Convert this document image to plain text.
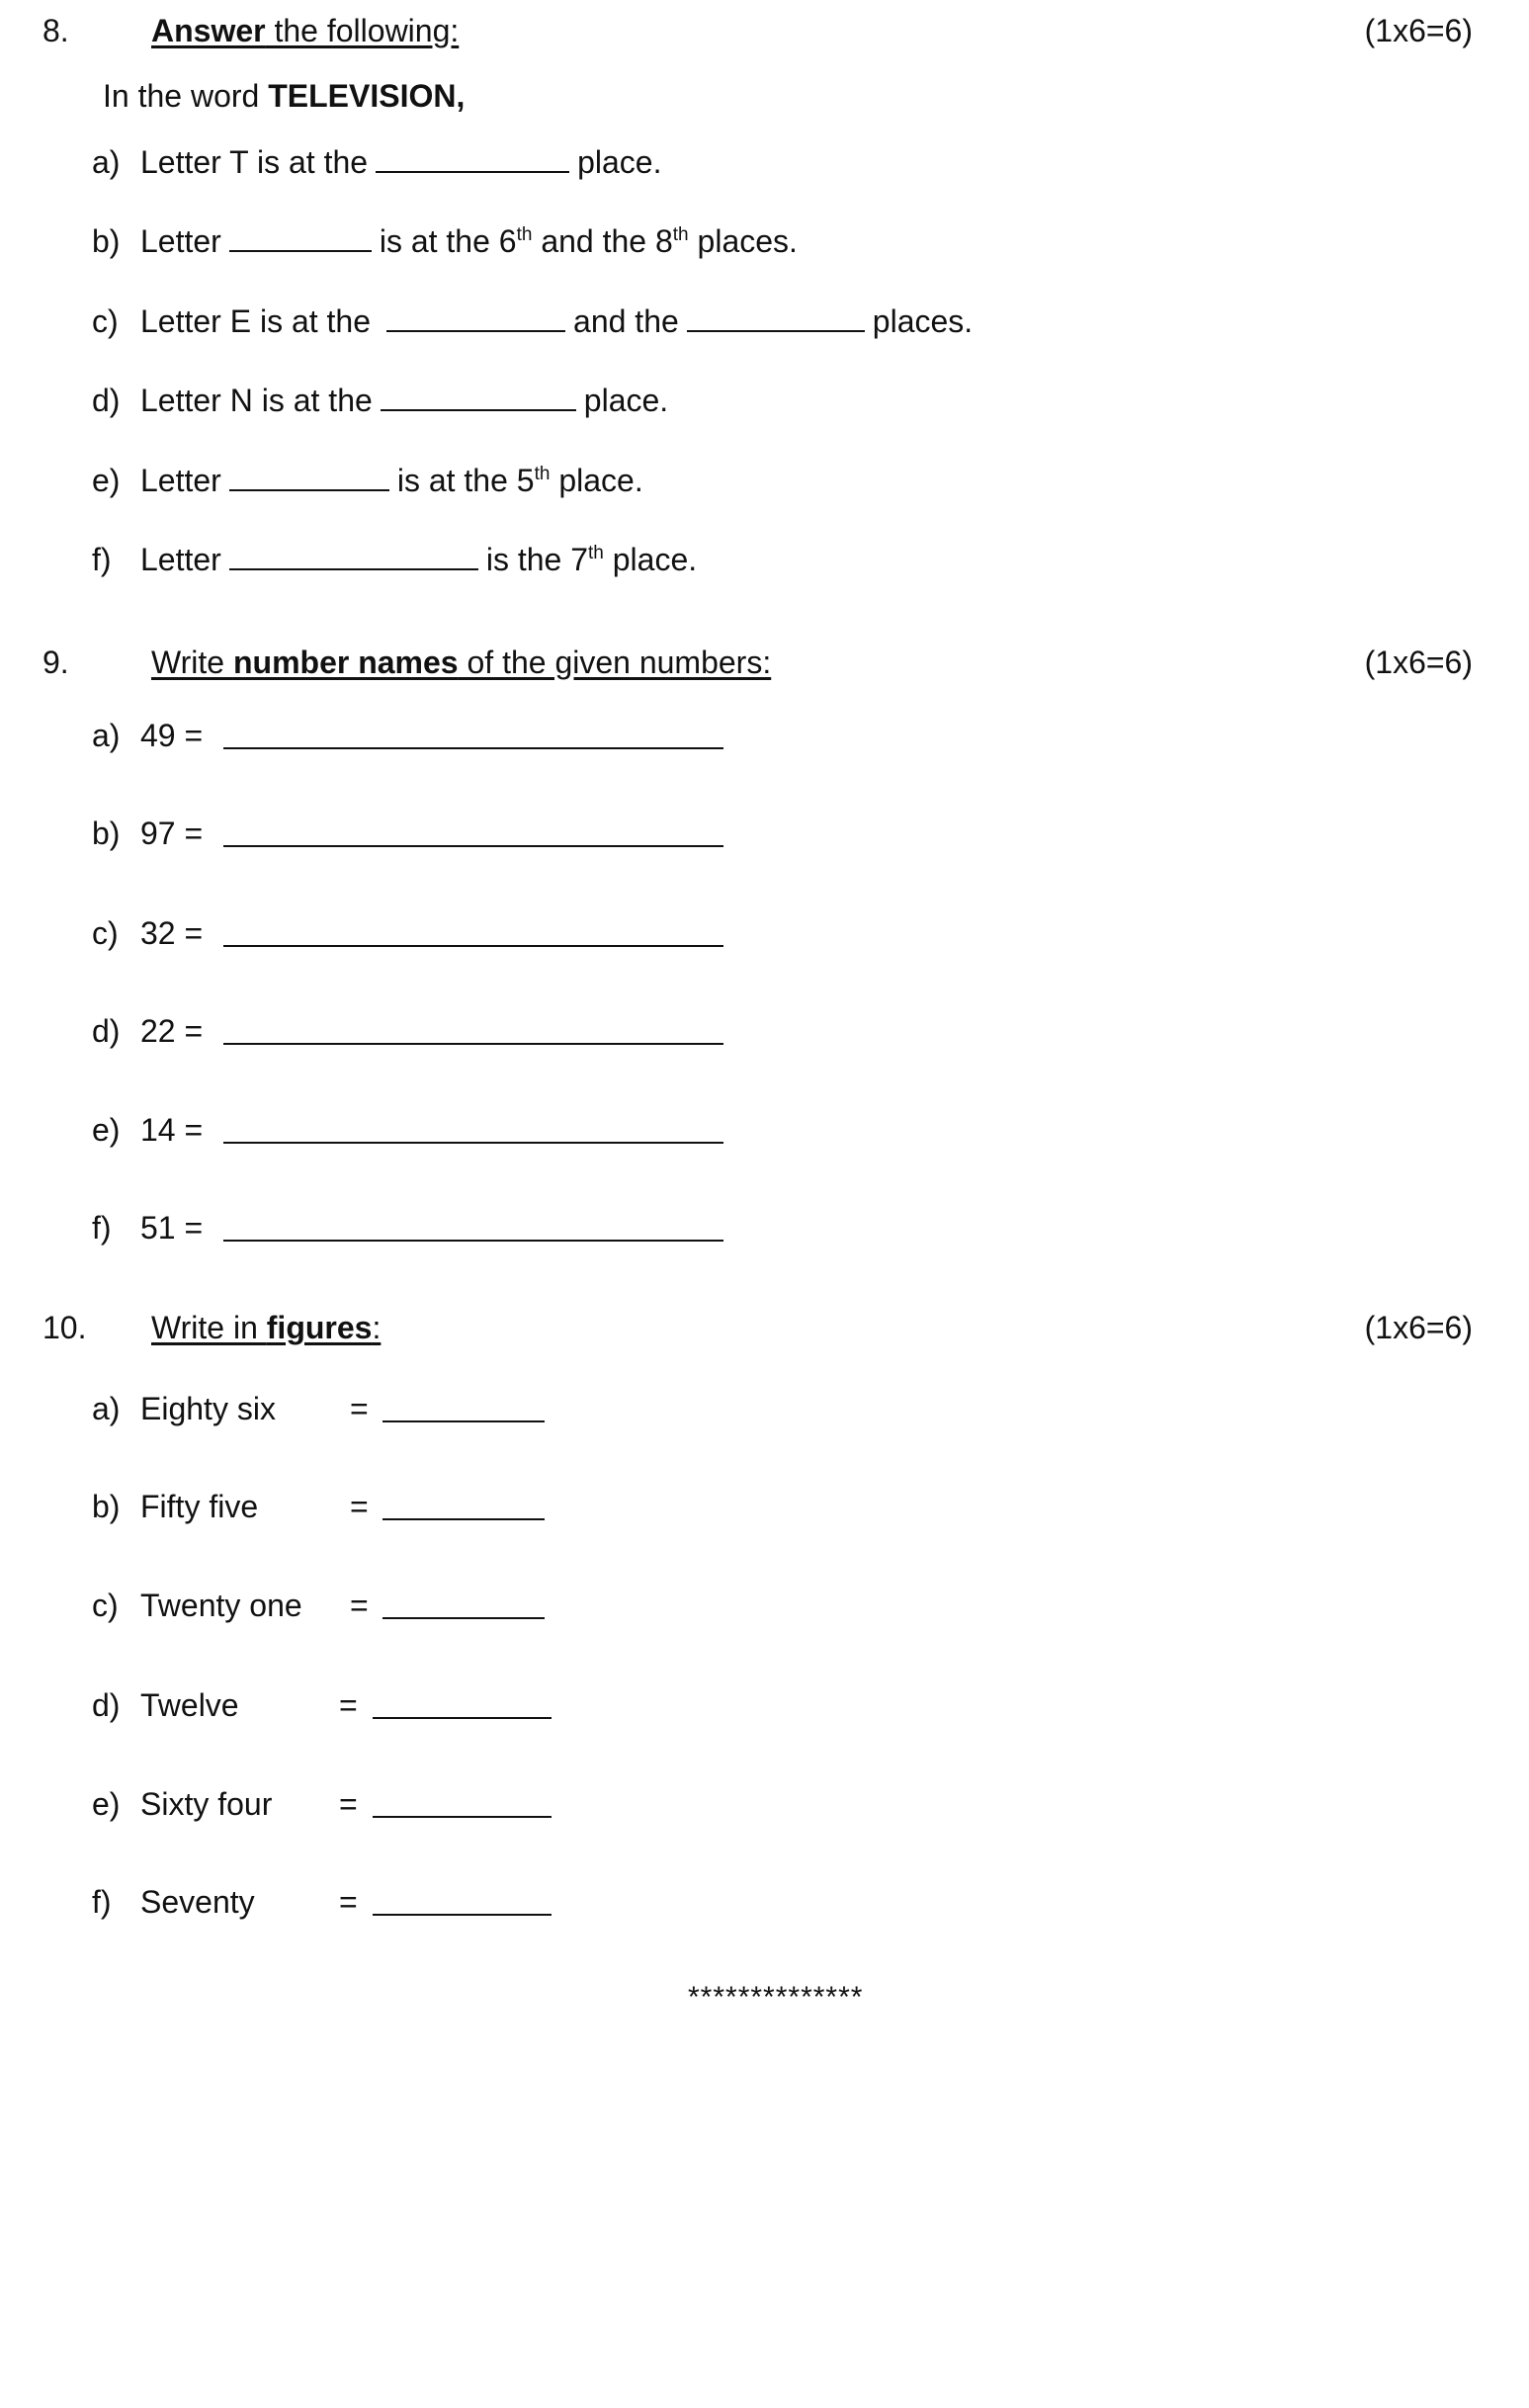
8.	Answer the following:	(1x6=6)
In the word TELEVISION,
a) Letter T is at the	place.
b) Letter	is at the 6th and the 8th places.
c) Letter E is at the	and the	places.
d) Letter N is at the	place.
e) Letter	is at the 5th place.
f) Letter	is the 7th place.
9.	Write number names of the given numbers:	(1x6=6)
a) 49 =
b) 97 =
c) 32 =
d) 22 =
e) 14 =
f) 51 =
10. Write in figures:	(1x6=6)
a) Eighty six =
b) Fifty five	=
c) Twenty one =
d) Twelve	=
e) Sixty four =
f) Seventy	=
**************
